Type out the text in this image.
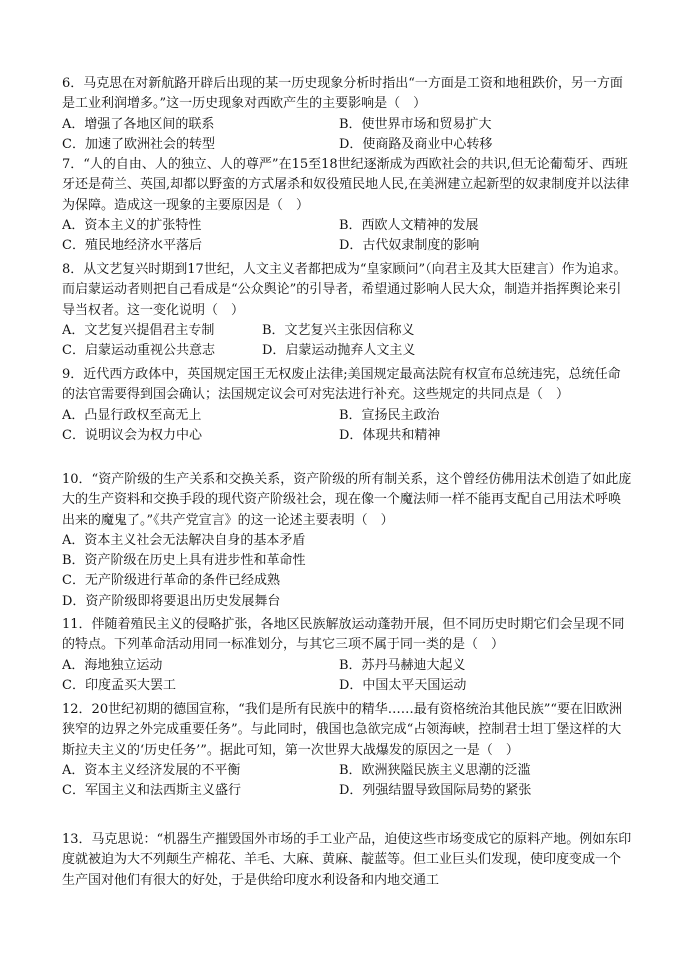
6．马克思在对新航路开辟后出现的某一历史现象分析时指出“一方面是工资和地租跌价，另一方面是工业利润增多。”这一历史现象对西欧产生的主要影响是（　）

A．增强了各地区间的联系	B．使世界市场和贸易扩大
C．加速了欧洲社会的转型	D．使商路及商业中心转移

7．“人的自由、人的独立、人的尊严”在15至18世纪逐渐成为西欧社会的共识,但无论葡萄牙、西班牙还是荷兰、英国,却都以野蛮的方式屠杀和奴役殖民地人民,在美洲建立起新型的奴隶制度并以法律为保障。造成这一现象的主要原因是（　）

A．资本主义的扩张特性	B．西欧人文精神的发展
C．殖民地经济水平落后	D．古代奴隶制度的影响

8．从文艺复兴时期到17世纪，人文主义者都把成为“皇家顾问”（向君主及其大臣建言）作为追求。而启蒙运动者则把自己看成是“公众舆论”的引导者，希望通过影响人民大众，制造并指挥舆论来引导当权者。这一变化说明（　）

A．文艺复兴提倡君主专制	B．文艺复兴主张因信称义
C．启蒙运动重视公共意志	D．启蒙运动抛弃人文主义

9．近代西方政体中，英国规定国王无权废止法律;美国规定最高法院有权宣布总统违宪，总统任命的法官需要得到国会确认；法国规定议会可对宪法进行补充。这些规定的共同点是（　）

A．凸显行政权至高无上	B．宣扬民主政治
C．说明议会为权力中心	D．体现共和精神

10．“资产阶级的生产关系和交换关系，资产阶级的所有制关系，这个曾经仿佛用法术创造了如此庞大的生产资料和交换手段的现代资产阶级社会，现在像一个魔法师一样不能再支配自己用法术呼唤出来的魔鬼了。”《共产党宣言》的这一论述主要表明（　）

A．资本主义社会无法解决自身的基本矛盾
B．资产阶级在历史上具有进步性和革命性
C．无产阶级进行革命的条件已经成熟
D．资产阶级即将要退出历史发展舞台

11．伴随着殖民主义的侵略扩张，各地区民族解放运动蓬勃开展，但不同历史时期它们会呈现不同的特点。下列革命活动用同一标准划分，与其它三项不属于同一类的是（　）

A．海地独立运动	B．苏丹马赫迪大起义
C．印度孟买大罢工	D．中国太平天国运动

12．20世纪初期的德国宣称，“我们是所有民族中的精华……最有资格统治其他民族”“要在旧欧洲狭窄的边界之外完成重要任务”。与此同时，俄国也急欲完成“占领海峡，控制君士坦丁堡这样的大斯拉夫主义的‘历史任务’”。据此可知，第一次世界大战爆发的原因之一是（　）

A．资本主义经济发展的不平衡	B．欧洲狭隘民族主义思潮的泛滥
C．军国主义和法西斯主义盛行	D．列强结盟导致国际局势的紧张

13．马克思说：“机器生产摧毁国外市场的手工业产品，迫使这些市场变成它的原料产地。例如东印度就被迫为大不列颠生产棉花、羊毛、大麻、黄麻、靛蓝等。但工业巨头们发现，使印度变成一个生产国对他们有很大的好处，于是供给印度水利设备和内地交通工
